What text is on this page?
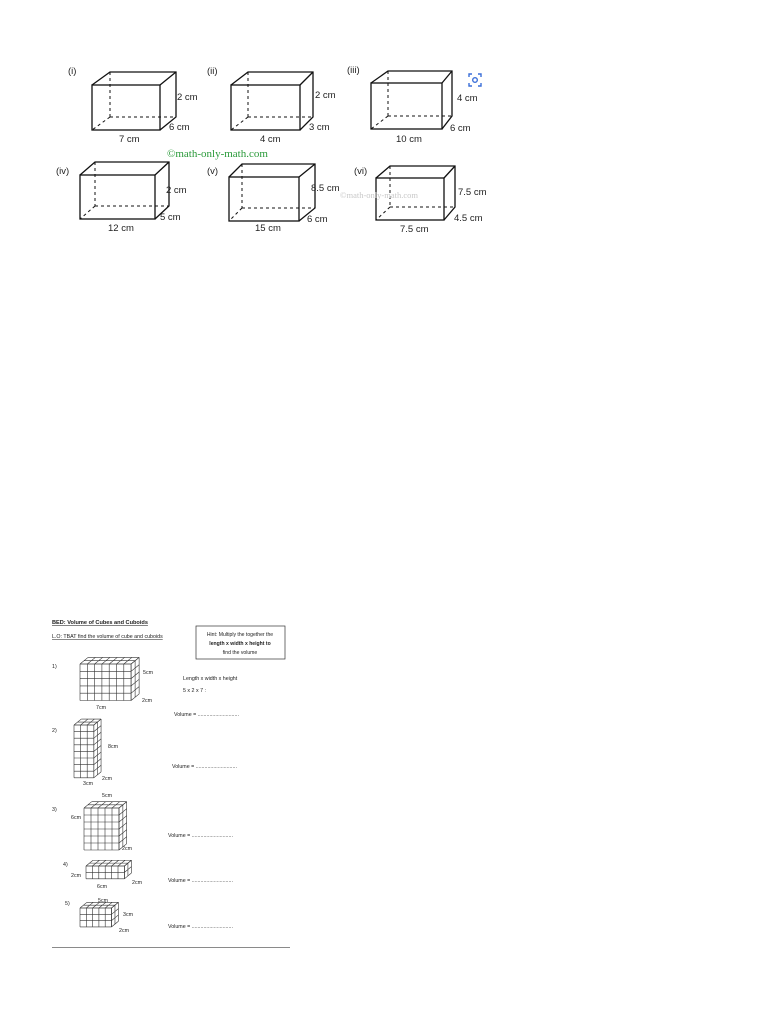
(i)
7 cm
6 cm
2 cm
(ii)
4 cm
3 cm
2 cm
(iii)
10 cm
6 cm
4 cm
(iv)
12 cm
5 cm
2 cm
(v)
15 cm
6 cm
8.5 cm
(vi)
7.5 cm
4.5 cm
7.5 cm
©math-only-math.com
©math-only-math.com
BED: Volume of Cubes and Cuboids
L.O: TBAT find the volume of cube and cuboids	Hint: Multiply the together the
length x width x height to
find the volume
Length x width x height
5 x 2 x 7 :
1)
5cm
7cm
2cm
Volume = ............................
2)
8cm
3cm
2cm
Volume = ............................
3)
5cm
6cm
2cm
Volume = ............................
4)
2cm
6cm
2cm	Volume = ............................
5)	5cm
3cm
2cm
Volume = ............................
